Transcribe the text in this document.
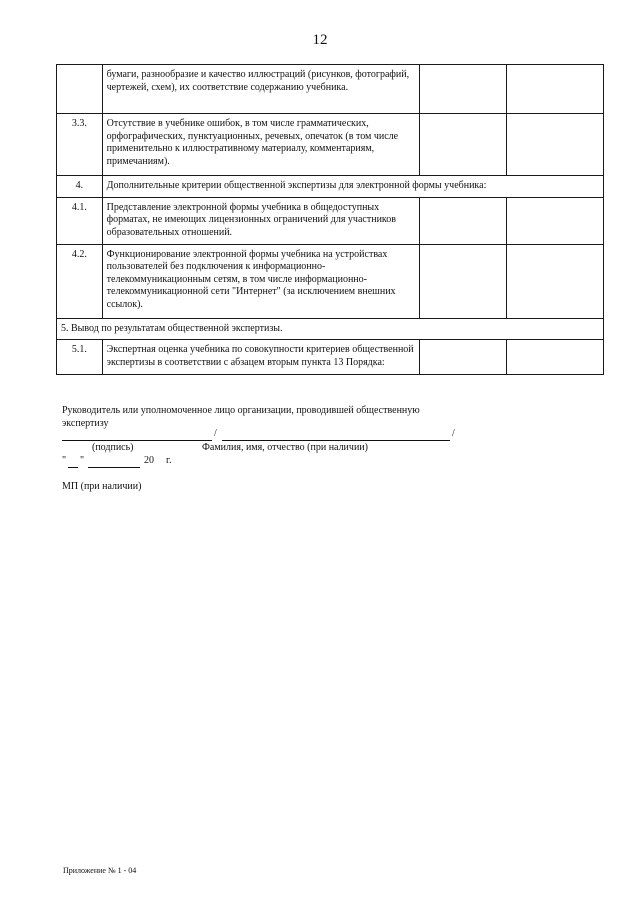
12
	бумаги, разнообразие и качество иллюстраций (рисунков, фотографий, чертежей, схем), их соответствие содержанию учебника.		
3.3.	Отсутствие в учебнике ошибок, в том числе грамматических, орфографических, пунктуационных, речевых, опечаток (в том числе применительно к иллюстративному материалу, комментариям, примечаниям).		
4.	Дополнительные критерии общественной экспертизы для электронной формы учебника:		
4.1.	Представление электронной формы учебника в общедоступных форматах, не имеющих лицензионных ограничений для участников образовательных отношений.		
4.2.	Функционирование электронной формы учебника на устройствах пользователей без подключения к информационно-телекоммуникационным сетям, в том числе информационно-телекоммуникационной сети "Интернет" (за исключением внешних ссылок).		
5. Вывод по результатам общественной экспертизы.			
5.1.	Экспертная оценка учебника по совокупности критериев общественной экспертизы в соответствии с абзацем вторым пункта 13 Порядка:		
Руководитель или уполномоченное лицо организации, проводившей общественную экспертизу
/	/
(подпись)	Фамилия, имя, отчество (при наличии)
" "	20 г.
МП (при наличии)
Приложение № 1 - 04
